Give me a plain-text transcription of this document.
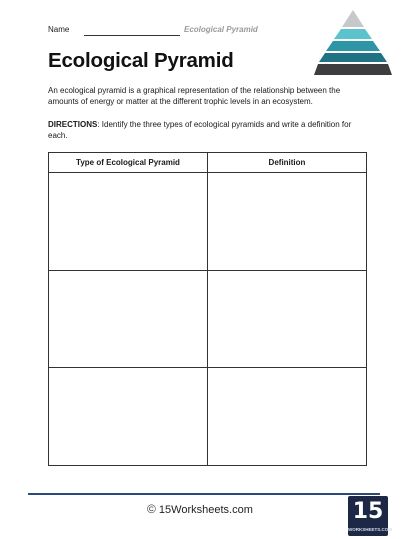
Name	Ecological Pyramid
Ecological Pyramid
An ecological pyramid is a graphical representation of the relationship between the amounts of energy or matter at the different trophic levels in an ecosystem.
DIRECTIONS: Identify the three types of ecological pyramids and write a definition for each.
Type of Ecological Pyramid	Definition

© 15Worksheets.com	15
WORKSHEETS.COM
